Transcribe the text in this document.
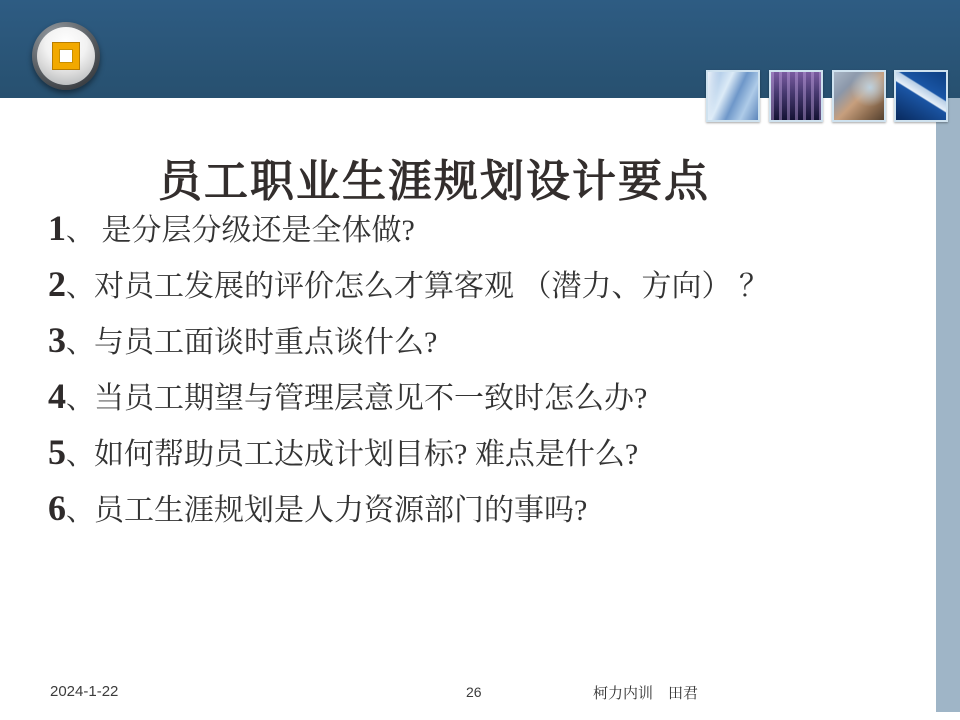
员工职业生涯规划设计要点
1、 是分层分级还是全体做?
2、对员工发展的评价怎么才算客观 （潜力、方向） ？
3、与员工面谈时重点谈什么?
4、当员工期望与管理层意见不一致时怎么办?
5、如何帮助员工达成计划目标? 难点是什么?
6、员工生涯规划是人力资源部门的事吗?
2024-1-22	26	柯力内训　田君
